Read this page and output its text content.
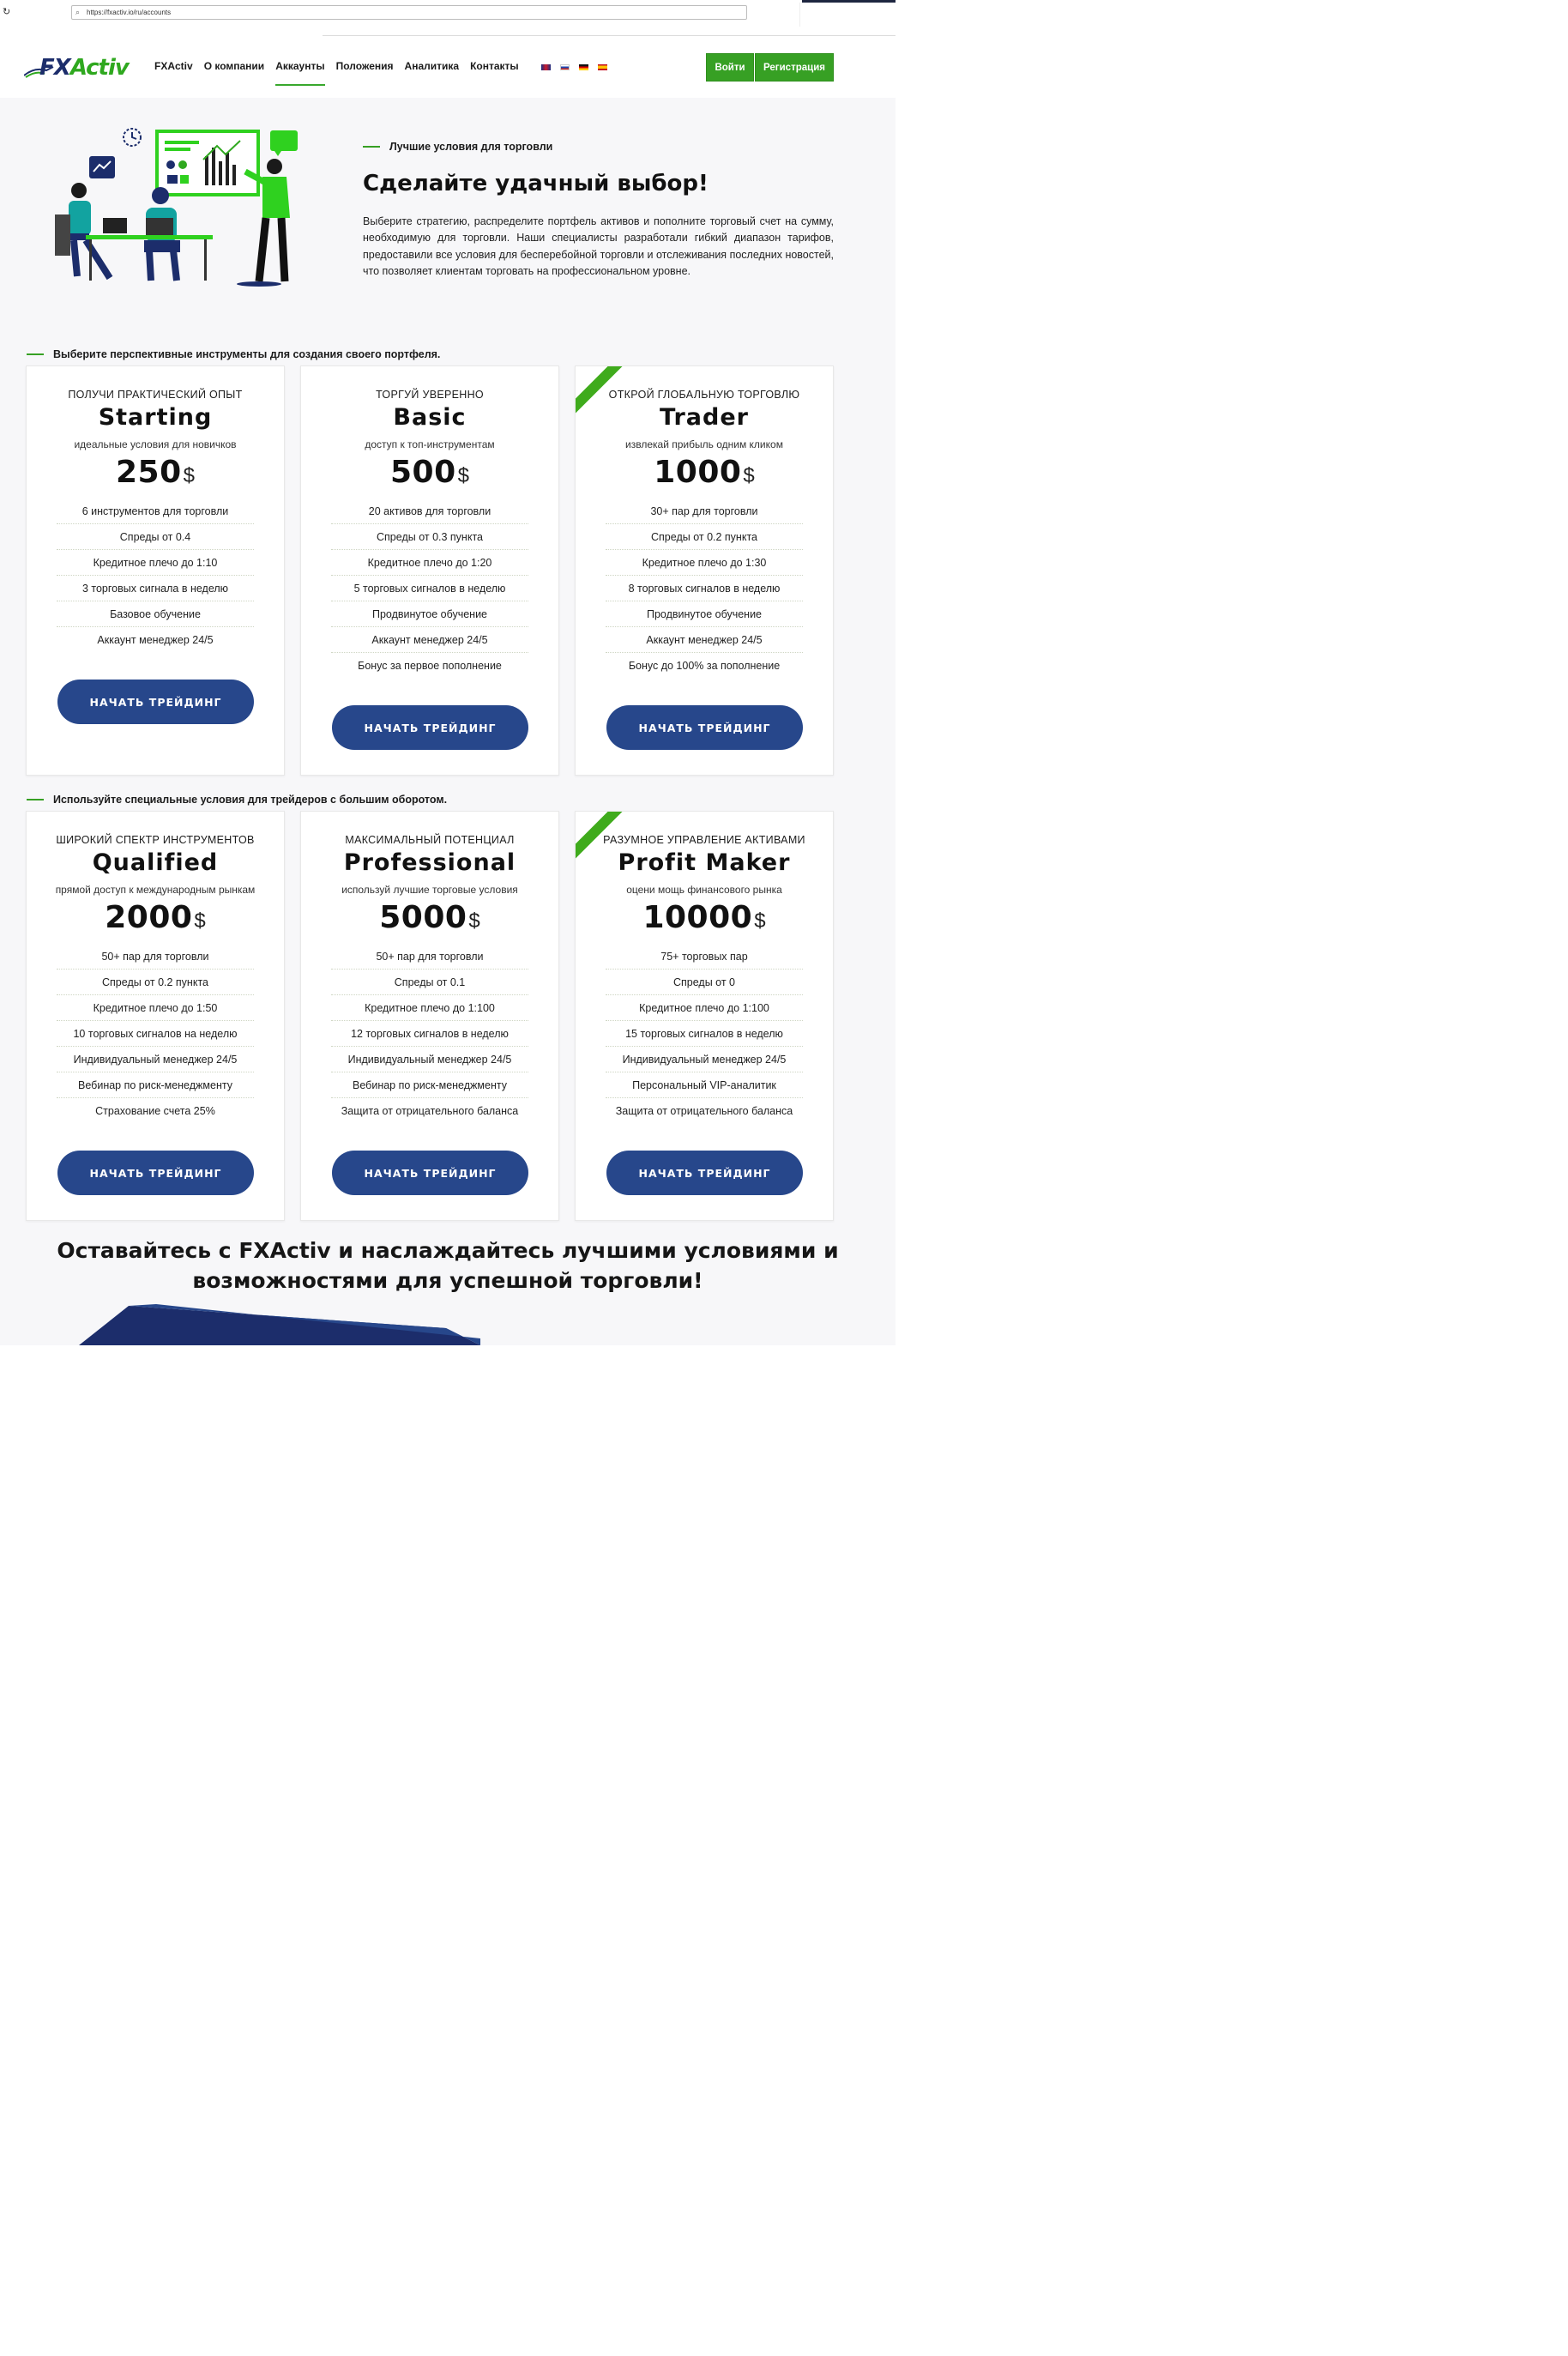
↻	⌕ https://fxactiv.io/ru/accounts
FXActiv	FXActiv О компании Аккаунты Положения Аналитика Контакты	Войти	Регистрация
Лучшие условия для торговли
Сделайте удачный выбор!
Выберите стратегию, распределите портфель активов и пополните торговый счет на сумму, необходимую для торговли. Наши специалисты разработали гибкий диапазон тарифов, предоставили все условия для бесперебойной торговли и отслеживания последних новостей, что позволяет клиентам торговать на профессиональном уровне.
Выберите перспективные инструменты для создания своего портфеля.
ПОЛУЧИ ПРАКТИЧЕСКИЙ ОПЫТ
Starting
идеальные условия для новичков
250$
6 инструментов для торговли
Спреды от 0.4
Кредитное плечо до 1:10
3 торговых сигнала в неделю
Базовое обучение
Аккаунт менеджер 24/5
НАЧАТЬ ТРЕЙДИНГ
ТОРГУЙ УВЕРЕННО
Basic
доступ к топ-инструментам
500$
20 активов для торговли
Спреды от 0.3 пункта
Кредитное плечо до 1:20
5 торговых сигналов в неделю
Продвинутое обучение
Аккаунт менеджер 24/5
Бонус за первое пополнение
НАЧАТЬ ТРЕЙДИНГ
ОТКРОЙ ГЛОБАЛЬНУЮ ТОРГОВЛЮ
Trader
извлекай прибыль одним кликом
1000$
30+ пар для торговли
Спреды от 0.2 пункта
Кредитное плечо до 1:30
8 торговых сигналов в неделю
Продвинутое обучение
Аккаунт менеджер 24/5
Бонус до 100% за пополнение
НАЧАТЬ ТРЕЙДИНГ
Используйте специальные условия для трейдеров с большим оборотом.
ШИРОКИЙ СПЕКТР ИНСТРУМЕНТОВ
Qualified
прямой доступ к международным рынкам
2000$
50+ пар для торговли
Спреды от 0.2 пункта
Кредитное плечо до 1:50
10 торговых сигналов на неделю
Индивидуальный менеджер 24/5
Вебинар по риск-менеджменту
Страхование счета 25%
НАЧАТЬ ТРЕЙДИНГ
МАКСИМАЛЬНЫЙ ПОТЕНЦИАЛ
Professional
используй лучшие торговые условия
5000$
50+ пар для торговли
Спреды от 0.1
Кредитное плечо до 1:100
12 торговых сигналов в неделю
Индивидуальный менеджер 24/5
Вебинар по риск-менеджменту
Защита от отрицательного баланса
НАЧАТЬ ТРЕЙДИНГ
РАЗУМНОЕ УПРАВЛЕНИЕ АКТИВАМИ
Profit Maker
оцени мощь финансового рынка
10000$
75+ торговых пар
Спреды от 0
Кредитное плечо до 1:100
15 торговых сигналов в неделю
Индивидуальный менеджер 24/5
Персональный VIP-аналитик
Защита от отрицательного баланса
НАЧАТЬ ТРЕЙДИНГ
Оставайтесь с FXActiv и наслаждайтесь лучшими условиями и
возможностями для успешной торговли!
